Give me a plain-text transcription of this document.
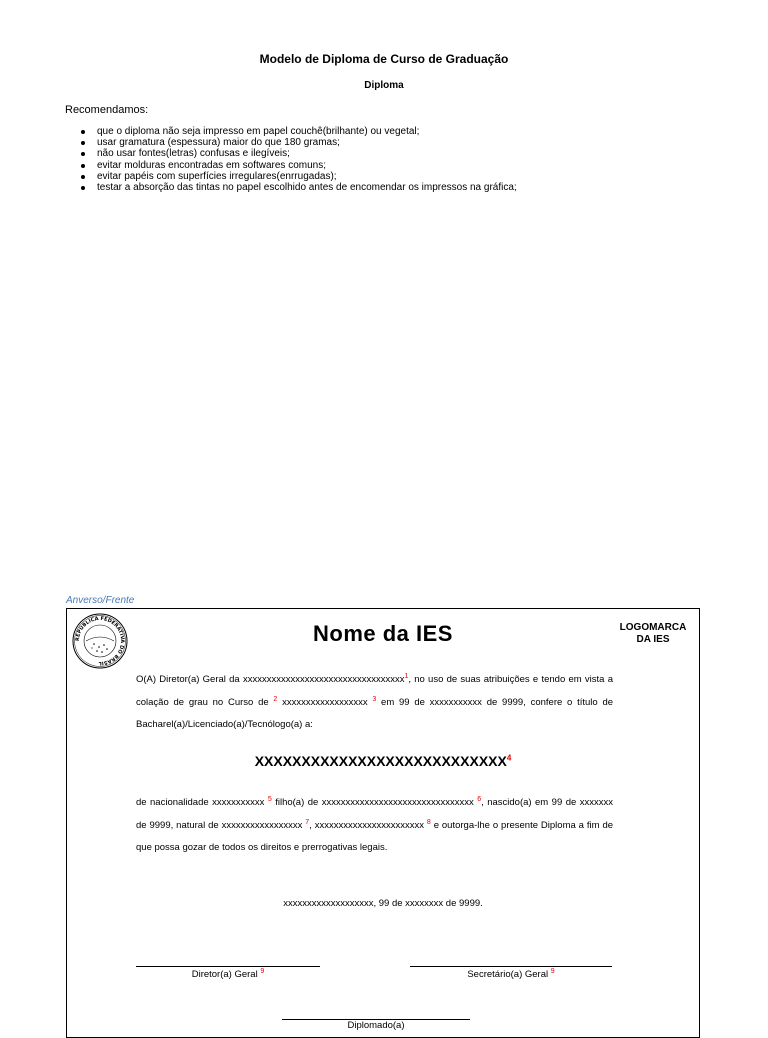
Modelo de Diploma de Curso de Graduação
Diploma
Recomendamos:
que o diploma não seja impresso em papel couchê(brilhante) ou vegetal;
usar gramatura (espessura) maior do que 180 gramas;
não usar fontes(letras) confusas e ilegíveis;
evitar molduras encontradas em softwares comuns;
evitar papéis com superfícies irregulares(enrrugadas);
testar a absorção das tintas no papel escolhido antes de encomendar os impressos na gráfica;
Anverso/Frente
REPÚBLICA FEDERATIVA DO BRASIL
Nome da IES	LOGOMARCA
DA IES
O(A) Diretor(a) Geral da xxxxxxxxxxxxxxxxxxxxxxxxxxxxxxxxxx$^1$, no uso de suas atribuições e tendo em vista a colação de grau no Curso de $^2$ xxxxxxxxxxxxxxxxxx $^3$ em 99 de xxxxxxxxxxx de 9999, confere o título de Bacharel(a)/Licenciado(a)/Tecnólogo(a) a:
XXXXXXXXXXXXXXXXXXXXXXXXXXX$^4$
de nacionalidade xxxxxxxxxxx $^5$ filho(a) de xxxxxxxxxxxxxxxxxxxxxxxxxxxxxxxx $^6$, nascido(a) em 99 de xxxxxxx de 9999, natural de xxxxxxxxxxxxxxxxx $^7$, xxxxxxxxxxxxxxxxxxxxxxx $^8$ e outorga-lhe o presente Diploma a fim de que possa gozar de todos os direitos e prerrogativas legais.
xxxxxxxxxxxxxxxxxxx, 99 de xxxxxxxx de 9999.
Diretor(a) Geral $^9$	Secretário(a) Geral $^9$
Diplomado(a)
